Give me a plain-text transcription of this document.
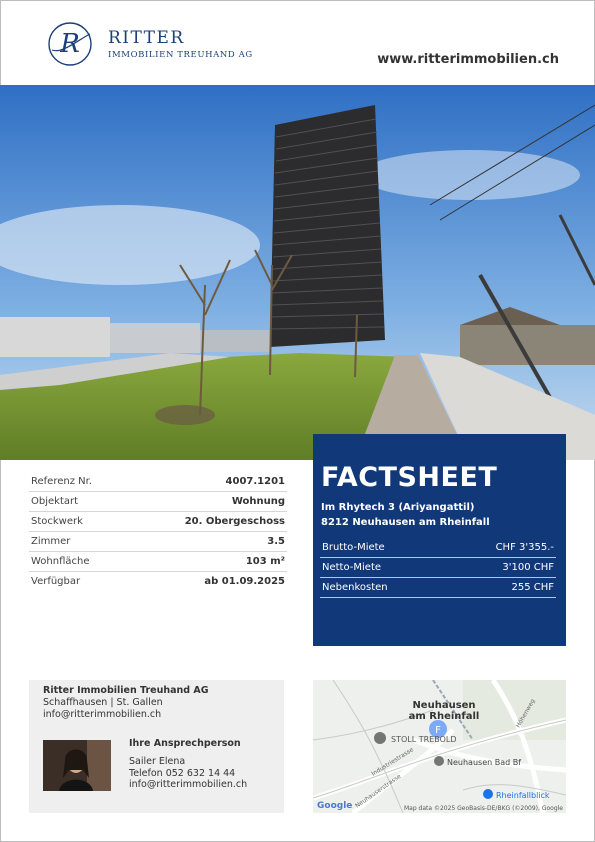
R RITTER
IMMOBILIEN TREUHAND AG	www.ritterimmobilien.ch
Referenz Nr.	4007.1201
Objektart	Wohnung
Stockwerk	20. Obergeschoss
Zimmer	3.5
Wohnfläche	103 m²
Verfügbar	ab 01.09.2025
FACTSHEET
Im Rhytech 3 (Ariyangattil)
8212 Neuhausen am Rheinfall
Brutto-Miete	CHF 3'355.-
Netto-Miete	3'100 CHF
Nebenkosten	255 CHF
Ritter Immobilien Treuhand AG
Schaffhausen | St. Gallen
info@ritterimmobilien.ch
Ihre Ansprechperson
Sailer Elena
Telefon 052 632 14 44
info@ritterimmobilien.ch
F
Neuhausen
am Rheinfall
STOLL TREBOLD
Neuhausen Bad Bf
Rheinfallblick
Industriestrasse
Neuhauserstrasse
Höhenweg
Google	Map data ©2025 GeoBasis-DE/BKG (©2009), Google
